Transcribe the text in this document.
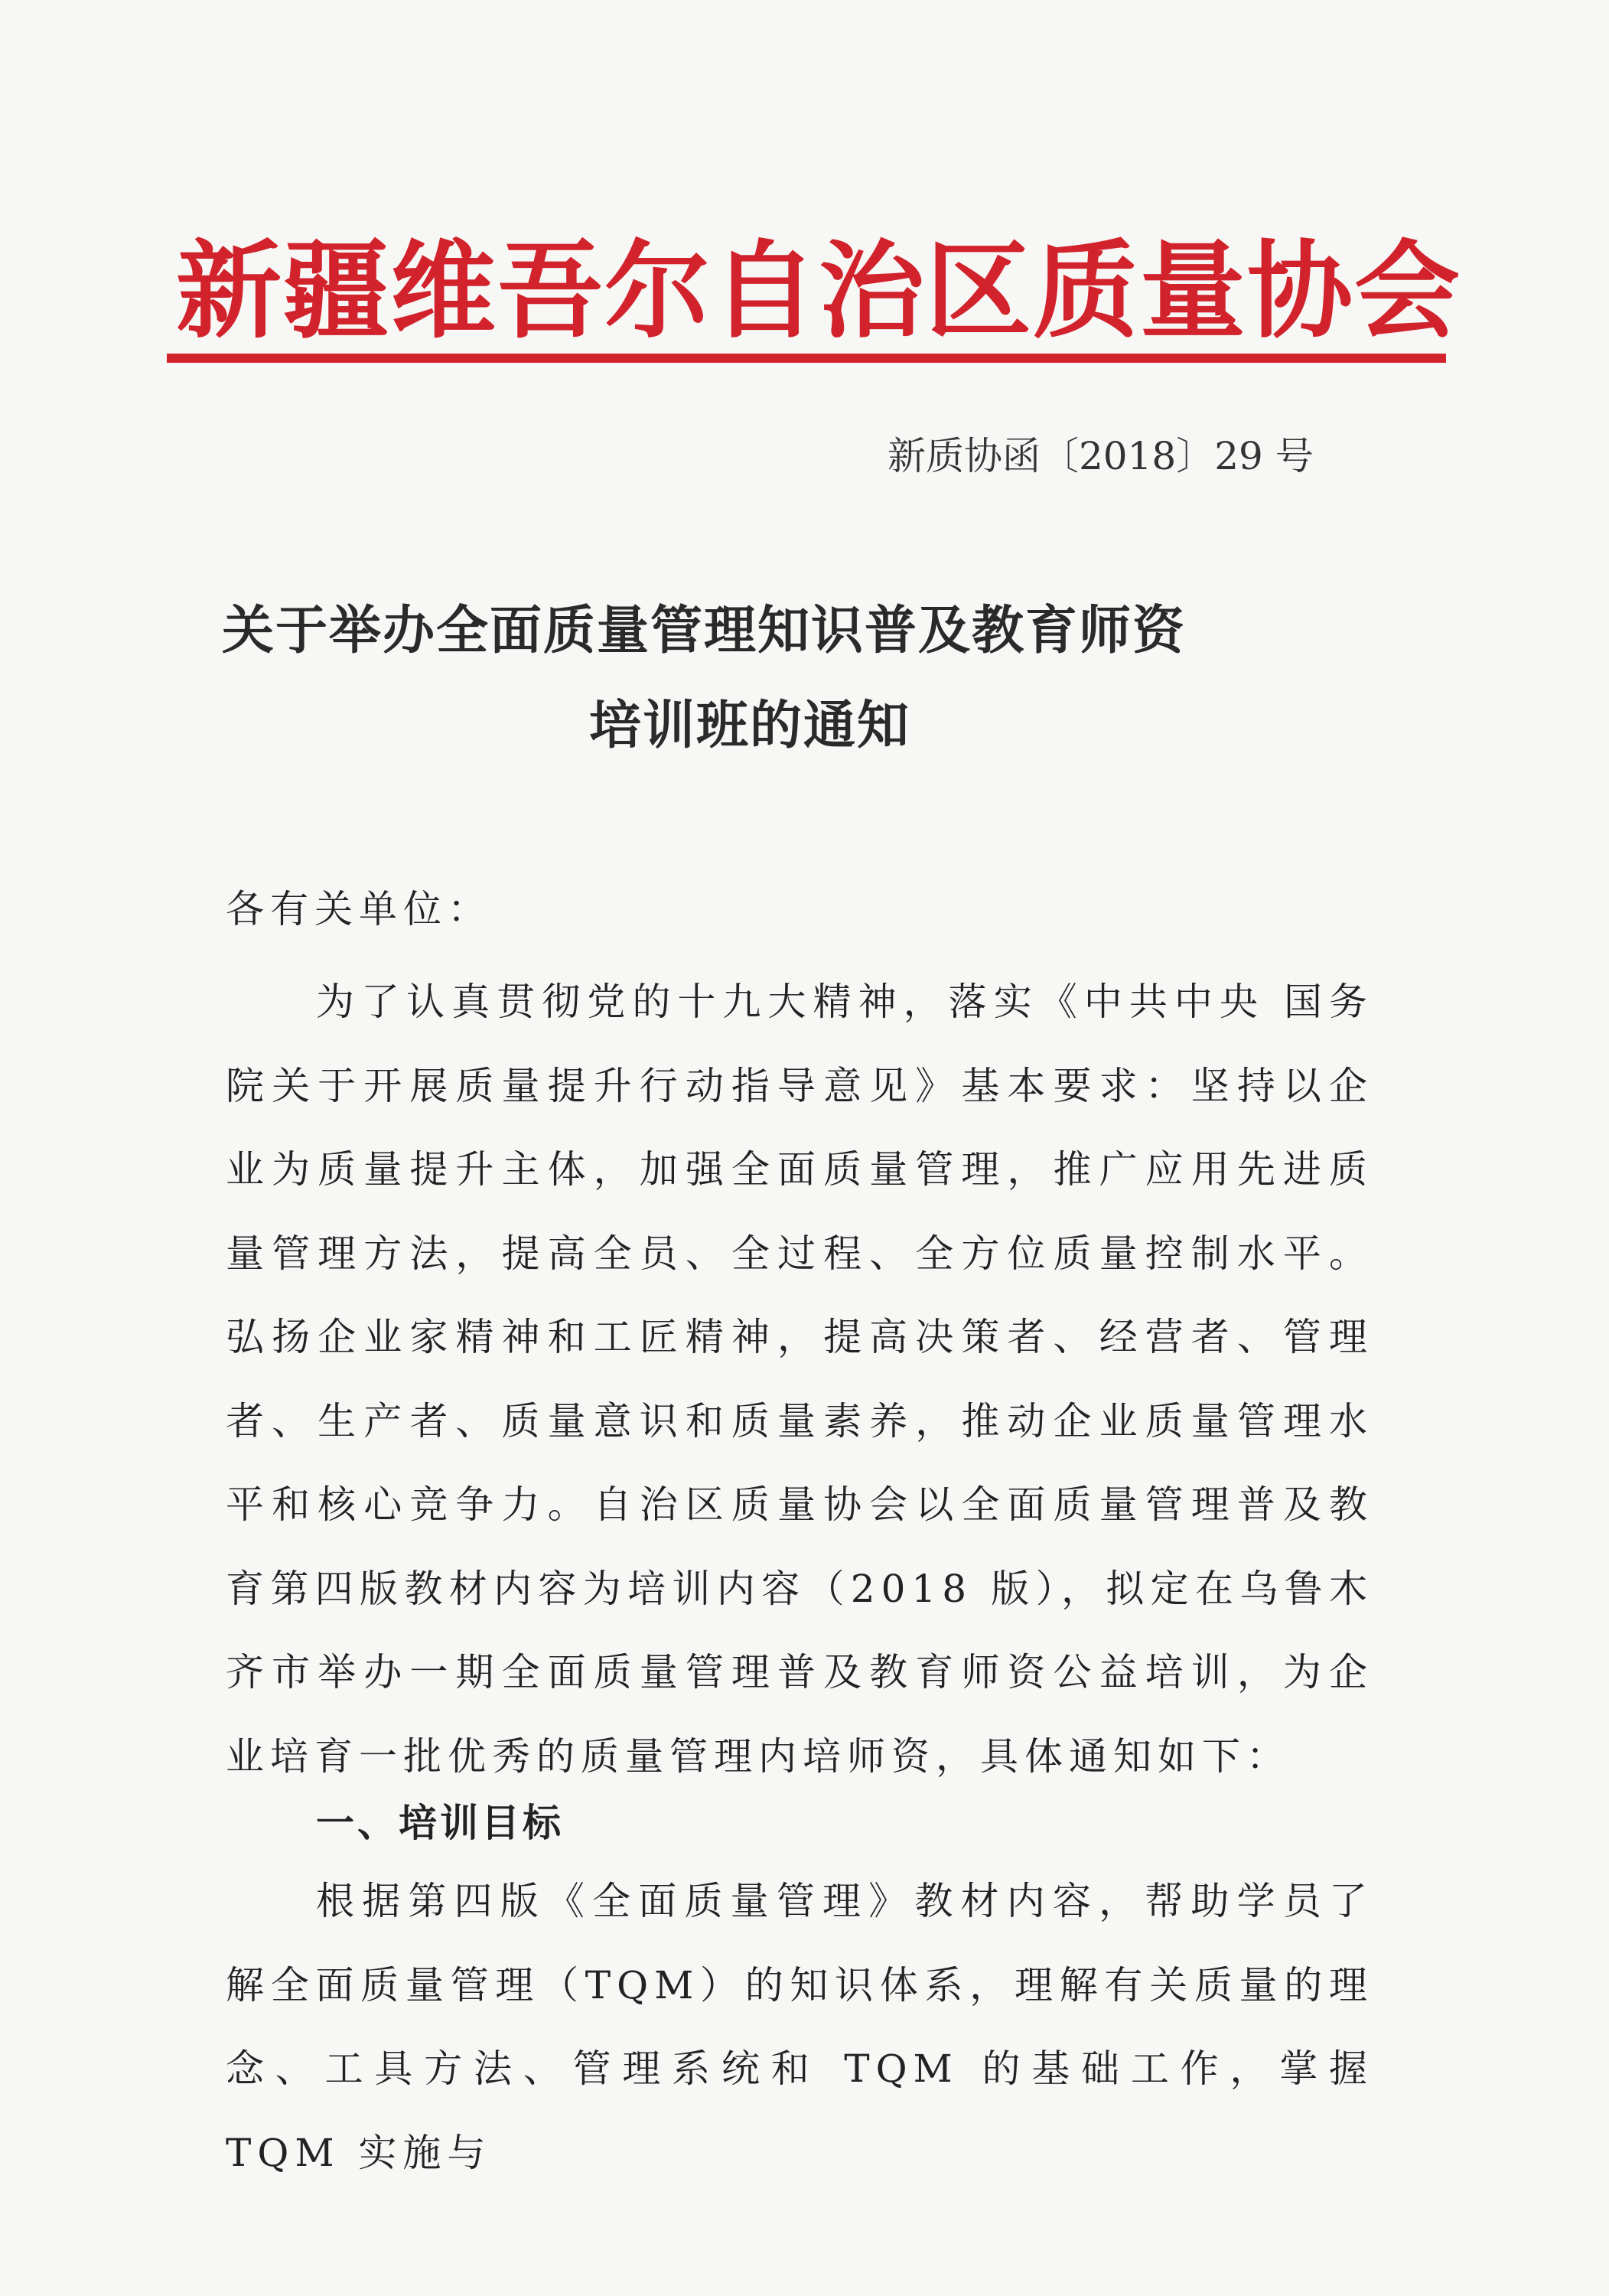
新疆维吾尔自治区质量协会
新质协函〔2018〕29 号
关于举办全面质量管理知识普及教育师资
培训班的通知
各有关单位：

为了认真贯彻党的十九大精神，落实《中共中央 国务院关于开展质量提升行动指导意见》基本要求：坚持以企业为质量提升主体，加强全面质量管理，推广应用先进质量管理方法，提高全员、全过程、全方位质量控制水平。弘扬企业家精神和工匠精神，提高决策者、经营者、管理者、生产者、质量意识和质量素养，推动企业质量管理水平和核心竞争力。自治区质量协会以全面质量管理普及教育第四版教材内容为培训内容（2018 版），拟定在乌鲁木齐市举办一期全面质量管理普及教育师资公益培训，为企业培育一批优秀的质量管理内培师资，具体通知如下：

一、培训目标

根据第四版《全面质量管理》教材内容，帮助学员了解全面质量管理（TQM）的知识体系，理解有关质量的理念、工具方法、管理系统和 TQM 的基础工作，掌握 TQM 实施与
